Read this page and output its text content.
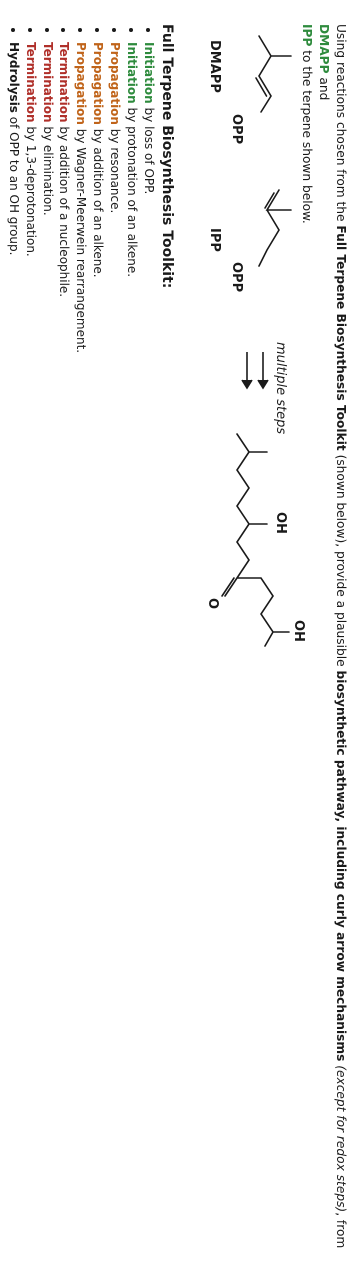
Using reactions chosen from the Full Terpene Biosynthesis Toolkit (shown below), provide a plausible biosynthetic pathway, including curly arrow mechanisms (except for redox steps), from DMAPP and
IPP to the terpene shown below.
OPP
DMAPP
OPP
IPP
multiple steps
OH
OH
O
Full Terpene Biosynthesis Toolkit:
• Initiation by loss of OPP.
• Initiation by protonation of an alkene.
• Propagation by resonance.
• Propagation by addition of an alkene.
• Propagation by Wagner-Meerwein rearrangement.
• Termination by addition of a nucleophile.
• Termination by elimination.
• Termination by 1,3-deprotonation.
• Hydrolysis of OPP to an OH group.
